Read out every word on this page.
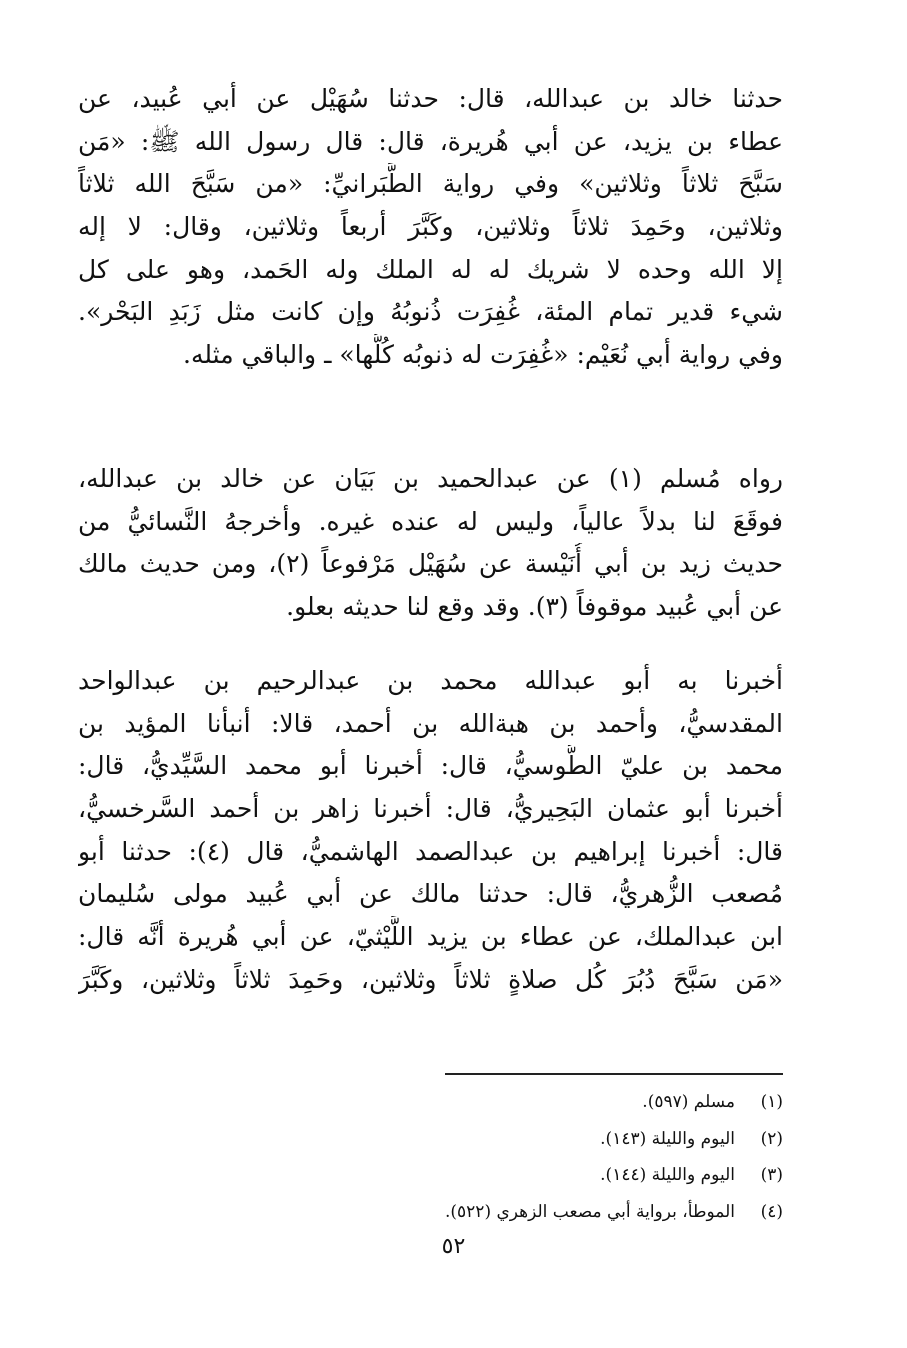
حدثنا خالد بن عبدالله، قال: حدثنا سُهَيْل عن أبي عُبيد، عن
عطاء بن يزيد، عن أبي هُريرة، قال: قال رسول الله ﷺ: «مَن
سَبَّحَ ثلاثاً وثلاثين» وفي رواية الطَّبَرانيِّ: «من سَبَّحَ الله ثلاثاً
وثلاثين، وحَمِدَ ثلاثاً وثلاثين، وكَبَّرَ أربعاً وثلاثين، وقال: لا إله
إلا الله وحده لا شريك له له الملك وله الحَمد، وهو على كل
شيء قدير تمام المئة، غُفِرَت ذُنوبُهُ وإن كانت مثل زَبَدِ البَحْر».
وفي رواية أبي نُعَيْم: «غُفِرَت له ذنوبُه كُلُّها» ـ والباقي مثله.
رواه مُسلم (١) عن عبدالحميد بن بَيَان عن خالد بن عبدالله،
فوقَعَ لنا بدلاً عالياً، وليس له عنده غيره. وأخرجهُ النَّسائيُّ من
حديث زيد بن أبي أُنَيْسة عن سُهَيْل مَرْفوعاً (٢)، ومن حديث مالك
عن أبي عُبيد موقوفاً (٣). وقد وقع لنا حديثه بعلو.
أخبرنا به أبو عبدالله محمد بن عبدالرحيم بن عبدالواحد
المقدسيُّ، وأحمد بن هبةالله بن أحمد، قالا: أنبأنا المؤيد بن
محمد بن عليّ الطُّوسيُّ، قال: أخبرنا أبو محمد السَّيِّديُّ، قال:
أخبرنا أبو عثمان البَحِيريُّ، قال: أخبرنا زاهر بن أحمد السَّرخسيُّ،
قال: أخبرنا إبراهيم بن عبدالصمد الهاشميُّ، قال (٤): حدثنا أبو
مُصعب الزُّهريُّ، قال: حدثنا مالك عن أبي عُبيد مولى سُليمان
ابن عبدالملك، عن عطاء بن يزيد اللَّيْثيّ، عن أبي هُريرة أنَّه قال:
«مَن سَبَّحَ دُبُرَ كُل صلاةٍ ثلاثاً وثلاثين، وحَمِدَ ثلاثاً وثلاثين، وكَبَّرَ
(١)
مسلم (٥٩٧).
(٢)
اليوم والليلة (١٤٣).
(٣)
اليوم والليلة (١٤٤).
(٤)
الموطأ، برواية أبي مصعب الزهري (٥٢٢).
٥٢
